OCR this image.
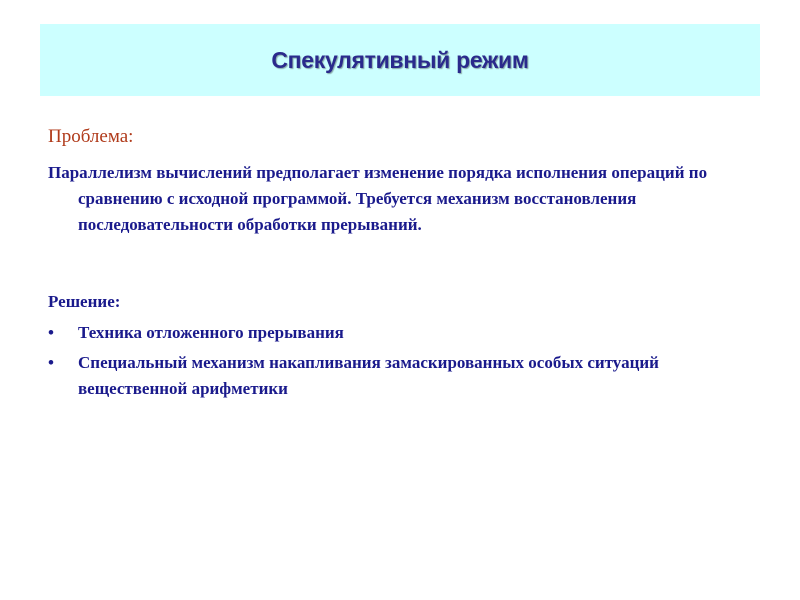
Спекулятивный режим
Проблема:

Параллелизм вычислений предполагает изменение порядка исполнения операций по сравнению с исходной программой. Требуется механизм восстановления последовательности обработки прерываний.

Решение:
• Техника отложенного прерывания
• Специальный механизм накапливания замаскированных особых ситуаций вещественной арифметики
